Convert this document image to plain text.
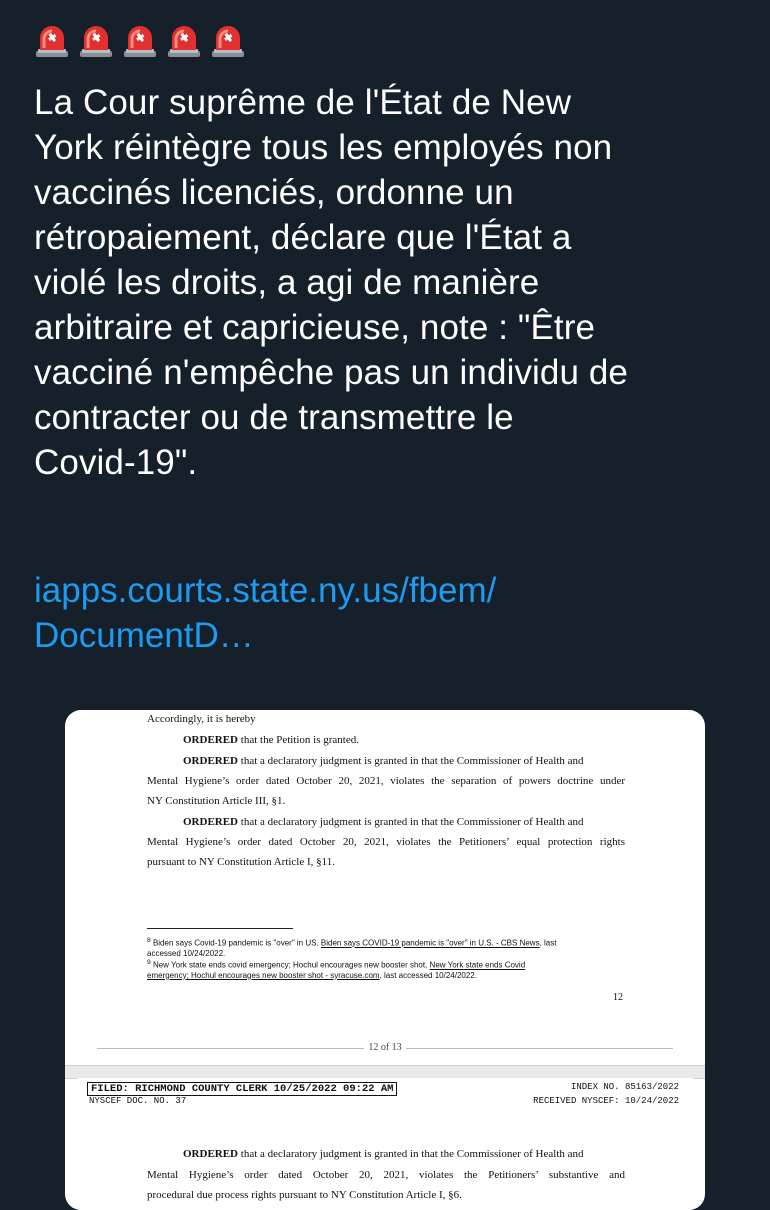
La Cour suprême de l'État de New
York réintègre tous les employés non
vaccinés licenciés, ordonne un
rétropaiement, déclare que l'État a
violé les droits, a agi de manière
arbitraire et capricieuse, note : "Être
vacciné n'empêche pas un individu de
contracter ou de transmettre le
Covid-19".
iapps.courts.state.ny.us/fbem/
DocumentD…
Accordingly, it is hereby
ORDERED that the Petition is granted.
ORDERED that a declaratory judgment is granted in that the Commissioner of Health and
Mental Hygiene’s order dated October 20, 2021, violates the separation of powers doctrine under
NY Constitution Article III, §1.
ORDERED that a declaratory judgment is granted in that the Commissioner of Health and
Mental Hygiene’s order dated October 20, 2021, violates the Petitioners’ equal protection rights
pursuant to NY Constitution Article I, §11.
$^8$ Biden says Covid-19 pandemic is "over" in US. Biden says COVID-19 pandemic is "over" in U.S. - CBS News, last
accessed 10/24/2022.
$^9$ New York state ends covid emergency; Hochul encourages new booster shot, New York state ends Covid
emergency; Hochul encourages new booster shot - syracuse.com, last accessed 10/24/2022.
12
12 of 13
FILED: RICHMOND COUNTY CLERK 10/25/2022 09:22 AM
NYSCEF DOC. NO. 37
INDEX NO. 85163/2022
RECEIVED NYSCEF: 10/24/2022
ORDERED that a declaratory judgment is granted in that the Commissioner of Health and
Mental Hygiene’s order dated October 20, 2021, violates the Petitioners’ substantive and
procedural due process rights pursuant to NY Constitution Article I, §6.
